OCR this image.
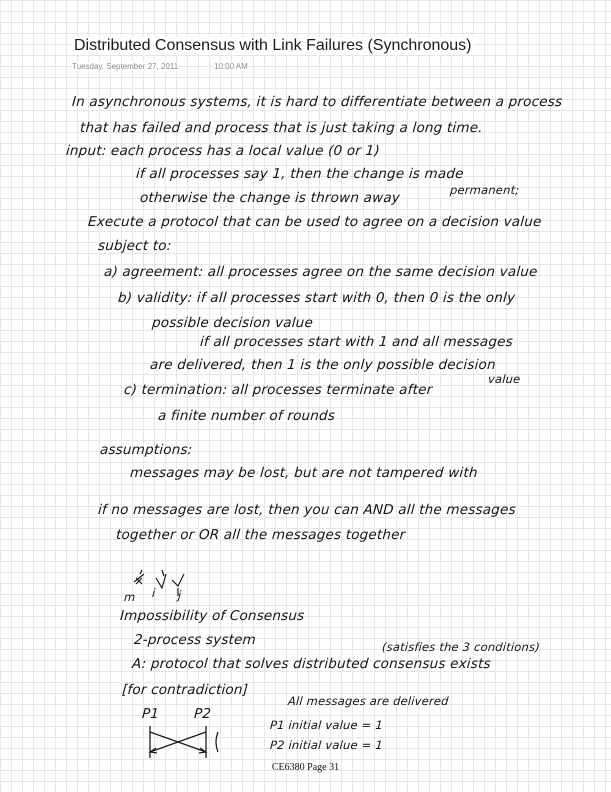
Distributed Consensus with Link Failures (Synchronous)
Tuesday, September 27, 2011	10:00 AM
In asynchronous systems, it is hard to differentiate between a process
that has failed and process that is just taking a long time.
input: each process has a local value (0 or 1)
if all processes say 1, then the change is made
permanent;
otherwise the change is thrown away
Execute a protocol that can be used to agree on a decision value
subject to:
a) agreement: all processes agree on the same decision value
b) validity: if all processes start with 0, then 0 is the only
possible decision value
if all processes start with 1 and all messages
are delivered, then 1 is the only possible decision
value
c) termination: all processes terminate after
a finite number of rounds
assumptions:
messages may be lost, but are not tampered with
if no messages are lost, then you can AND all the messages
together or OR all the messages together
m i j
Impossibility of Consensus
2-process system	(satisfies the 3 conditions)
A: protocol that solves distributed consensus exists
[for contradiction]
All messages are delivered
P1 P2
P1 initial value = 1
P2 initial value = 1
CE6380 Page 31
